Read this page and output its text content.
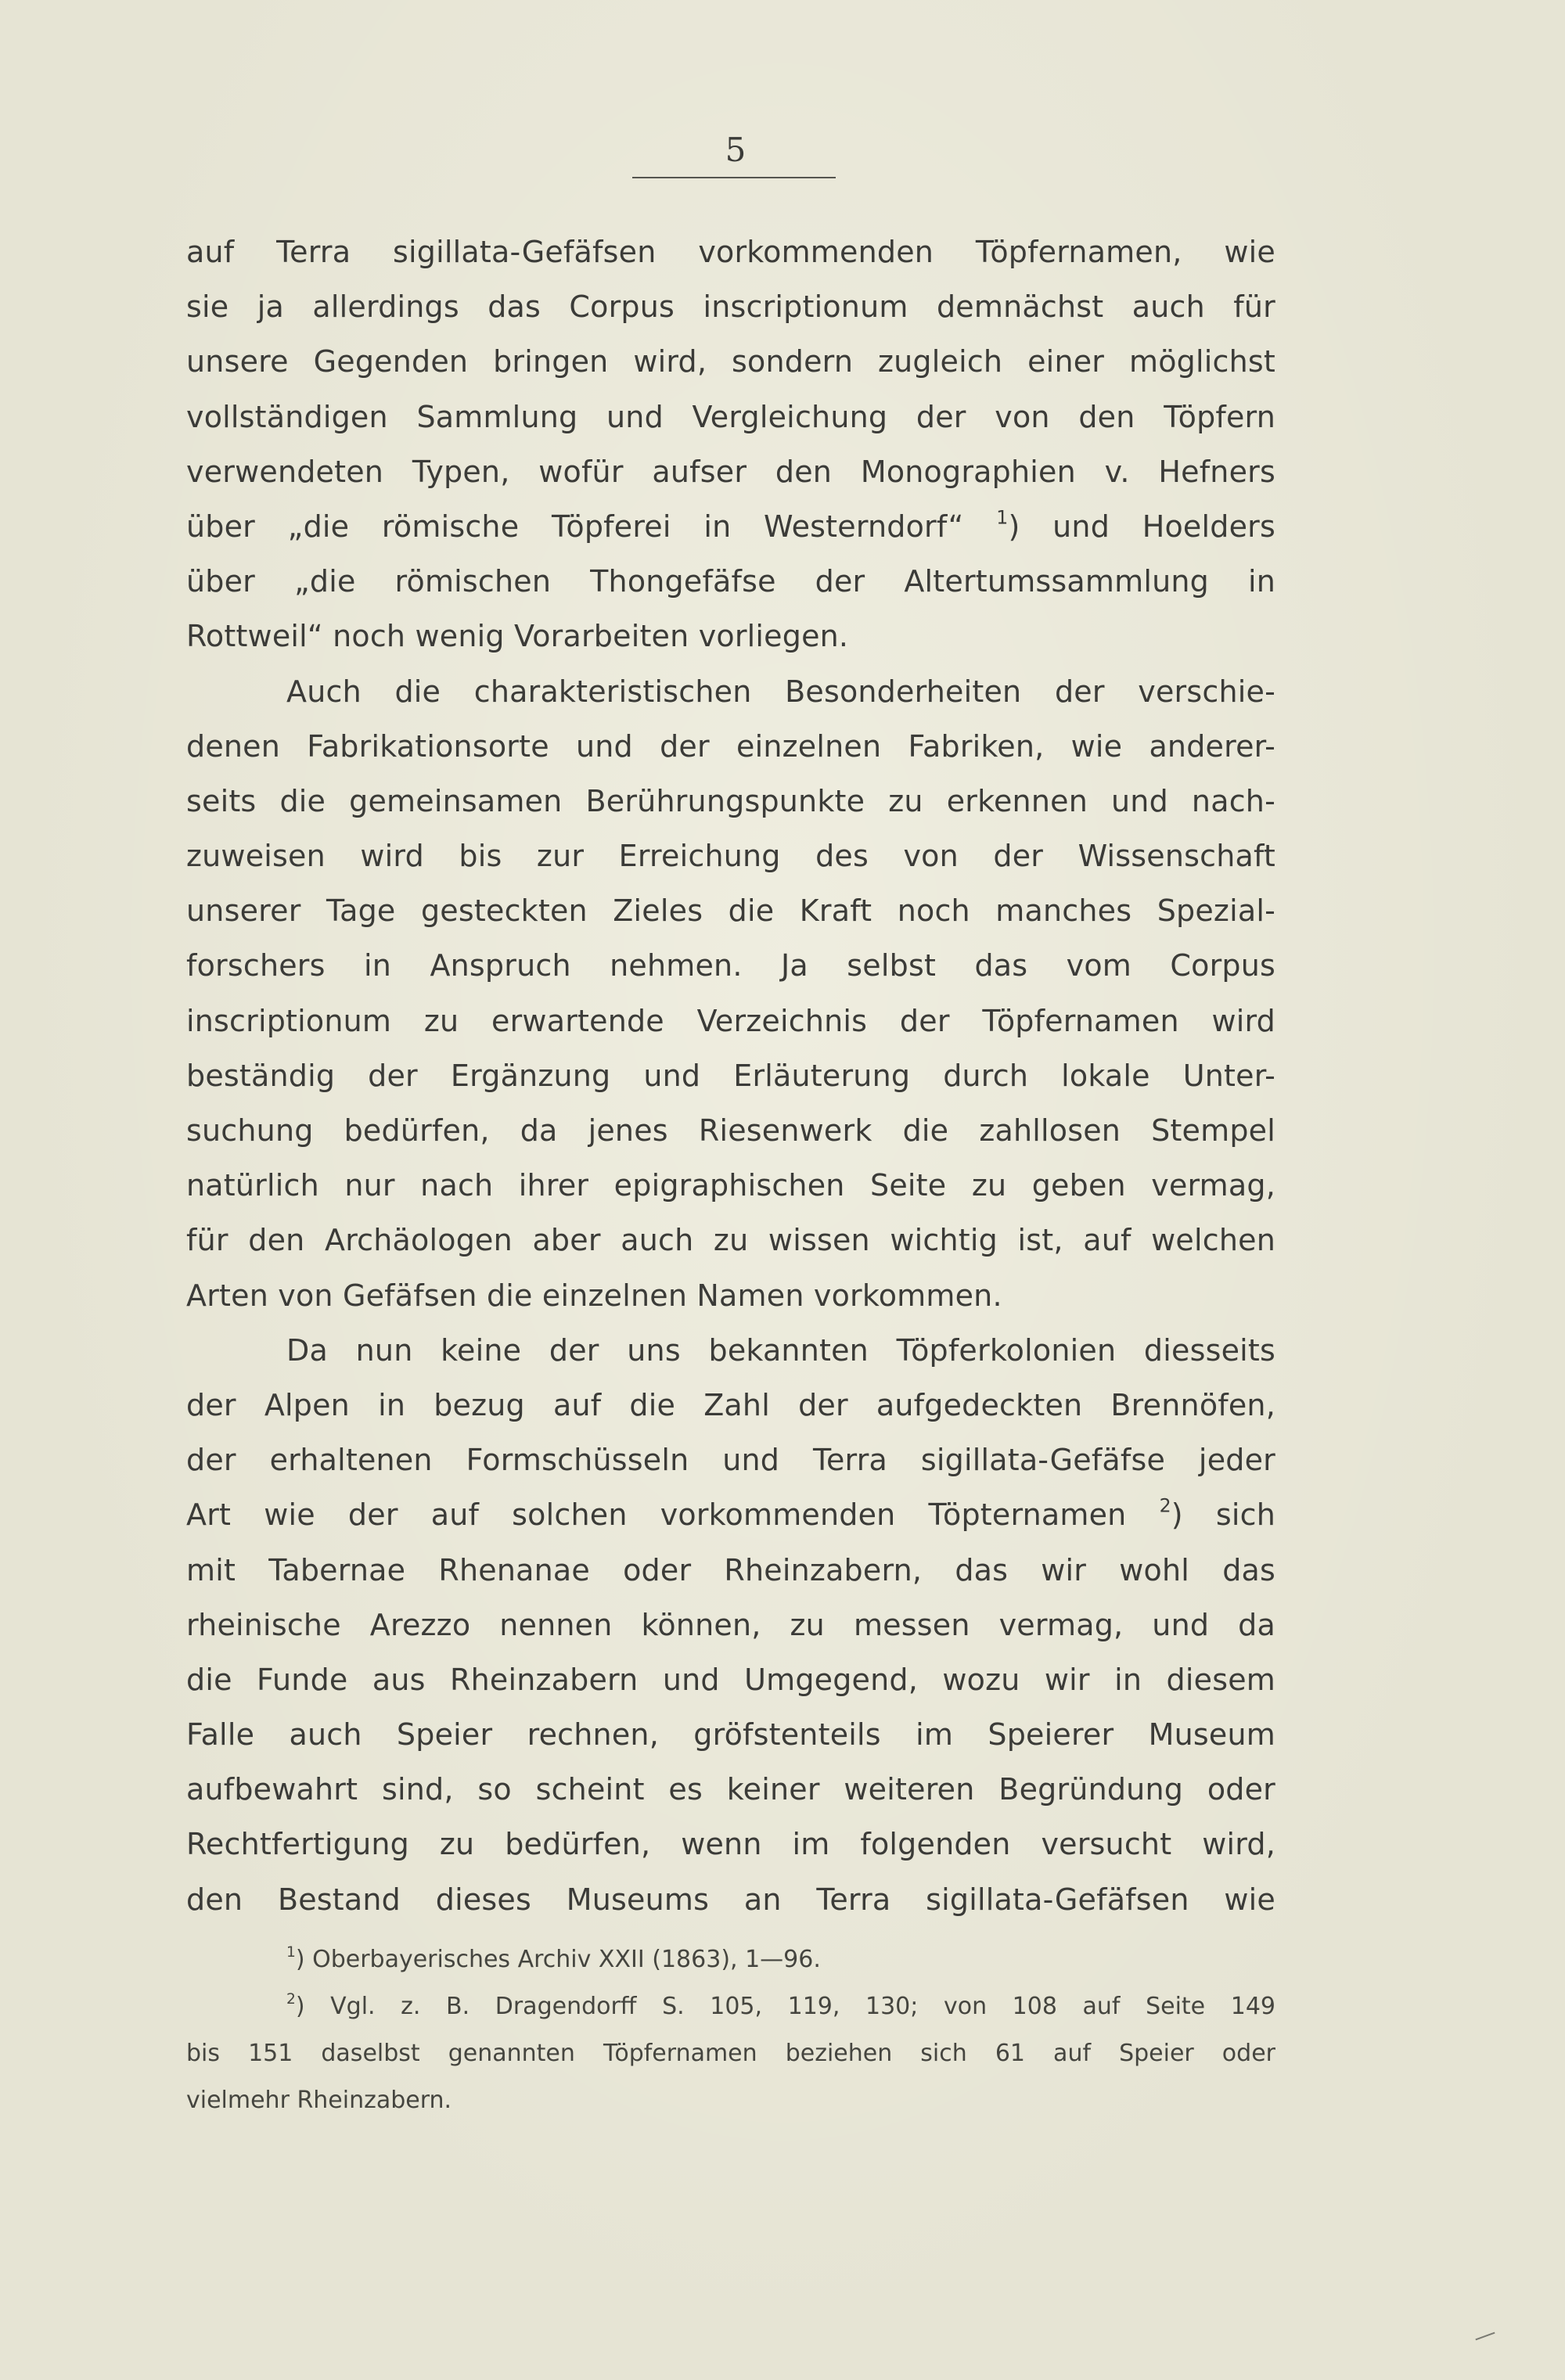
5
auf Terra sigillata-Gefäfsen vorkommenden Töpfernamen, wie
sie ja allerdings das Corpus inscriptionum demnächst auch für
unsere Gegenden bringen wird, sondern zugleich einer möglichst
vollständigen Sammlung und Vergleichung der von den Töpfern
verwendeten Typen, wofür aufser den Monographien v. Hefners
über „die römische Töpferei in Westerndorf“ $^1$) und Hoelders
über „die römischen Thongefäfse der Altertumssammlung in
Rottweil“ noch wenig Vorarbeiten vorliegen.
Auch die charakteristischen Besonderheiten der verschie-
denen Fabrikationsorte und der einzelnen Fabriken, wie anderer-
seits die gemeinsamen Berührungspunkte zu erkennen und nach-
zuweisen wird bis zur Erreichung des von der Wissenschaft
unserer Tage gesteckten Zieles die Kraft noch manches Spezial-
forschers in Anspruch nehmen. Ja selbst das vom Corpus
inscriptionum zu erwartende Verzeichnis der Töpfernamen wird
beständig der Ergänzung und Erläuterung durch lokale Unter-
suchung bedürfen, da jenes Riesenwerk die zahllosen Stempel
natürlich nur nach ihrer epigraphischen Seite zu geben vermag,
für den Archäologen aber auch zu wissen wichtig ist, auf welchen
Arten von Gefäfsen die einzelnen Namen vorkommen.
Da nun keine der uns bekannten Töpferkolonien diesseits
der Alpen in bezug auf die Zahl der aufgedeckten Brennöfen,
der erhaltenen Formschüsseln und Terra sigillata-Gefäfse jeder
Art wie der auf solchen vorkommenden Töpternamen $^2$) sich
mit Tabernae Rhenanae oder Rheinzabern, das wir wohl das
rheinische Arezzo nennen können, zu messen vermag, und da
die Funde aus Rheinzabern und Umgegend, wozu wir in diesem
Falle auch Speier rechnen, gröfstenteils im Speierer Museum
aufbewahrt sind, so scheint es keiner weiteren Begründung oder
Rechtfertigung zu bedürfen, wenn im folgenden versucht wird,
den Bestand dieses Museums an Terra sigillata-Gefäfsen wie
$^1$) Oberbayerisches Archiv XXII (1863), 1—96.
$^2$) Vgl. z. B. Dragendorff S. 105, 119, 130; von 108 auf Seite 149
bis 151 daselbst genannten Töpfernamen beziehen sich 61 auf Speier oder
vielmehr Rheinzabern.
